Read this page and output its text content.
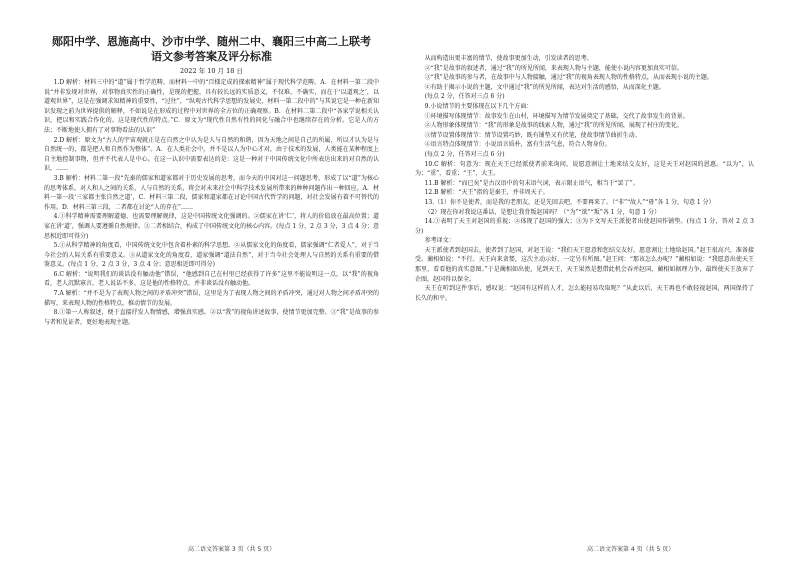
郧阳中学、恩施高中、沙市中学、随州二中、襄阳三中高二上联考

语文参考答案及评分标准

2022 年 10 月 18 日

1.D 解析：材料三中的“道”属于哲学范畴，而材料一中的“百様定成的探索精神”属于现代科学范畴。A．在材料一第二段中说“并非发现对世界，对事物真实性的正确性，是现的把握，具有较长远的实质意义，不仅难，不确实，而在于‘以道观之’，以道观世界”，这是在强调求知精神的重要性，“过往”，“纵观古代科学思想的发展史，材料一第二段中的”与其说它是一种在新知识发现之前为世界提供的解释，不如说是在形成的过程中对世界的全方位的正确观察。B．在材料二第二段中“各家学说相关认识，把以和实践合作化的。这是现代性的特点。”C．原文为“现代性自然有性的同化与融合中也继续存在的分析。它是人的方法；不断地使人拥有了对事物看法的认识”

2.D 解析：原文为“古人的宇宙观就正是在自然之中认为是人与自然的和谐，因为天地之间是自己的所属，所以才认为是与自然统一的，都是把人和自然作为整体”。A．在人类社会中，并不是以人为中心才对，由于技术的发展，人类能在某种程度上自主地控制事物，但并不代表人是中心。在这一认识中需要表达的是：这是一种对于中国传统文化中所表达出来的对自然的认识，……

3.B 解析：材料二第一段“先秦的儒家和道家都对于历史发展的思考，而今天的中国对这一问题思考，形成了以“道”为核心的思考体系，对人和人之间的关系，人与自然的关系，将会对未来社会中科学技术发展所带来的种种问题作出一种回应。A．材料一第一段‘三家都主张自然之道’，C．材料三第二段，儒家和道家都在讨论中国古代哲学的问题，对社会发展有着不可替代的作用。D．材料三第三段，二者都在讨论“人的存在”……

4.①科学精神需要理解道德，也需要理解规律，这是中国传统文化强调的。②儒家在讲‘仁’，将人的价值放在最高位置；道家在讲‘道’，强调人要遵循自然规律。③二者相结合，构成了中国传统文化的核心内容。(每点 1 分，2 点 3 分，3 点 4 分；意思相近即可得分)

5.①从科学精神的角度看，中国传统文化中包含着朴素的科学思想。②从儒家文化的角度看，儒家强调“仁者爱人”，对于当今社会的人际关系有重要意义。③从道家文化的角度看，道家强调“道法自然”，对于当今社会处理人与自然的关系有重要的借鉴意义。(每点 1 分，2 点 3 分，3 点 4 分；意思相近即可得分)

6.C 解析：“说明我们的谈话没有触动他”错误，“他感到自己在村里已经获得了许多”这里不能说明这一点，以“我”的视角看，老人沉默寡言，老人说话不多，这是他的性格特点，并非谈话没有触动他。

7.A 解析：“并不是为了表现人物之间的矛盾冲突”错误，这里是为了表现人物之间的矛盾冲突，通过对人物之间矛盾冲突的描写，来表现人物的性格特点，推动情节的发展。

8.①第一人称叙述，便于直接抒发人物情感，增强真实感。②以“我”的视角讲述故事，使情节更加完整。③“我”是故事的参与者和见证者，更好地表现主题。

高二语文答案第 3 页（共 5 页）

从而构造出更丰富的情节，使故事更加生动，引发读者的思考。

②“我”是故事的叙述者，通过“我”的所见所闻，来表现人物与主题，能使小说内容更加真实可信。

③“我”是故事的参与者，在故事中与人物接触，通过“我”的视角表现人物的性格特点，从而表现小说的主题。

④有助于揭示小说的主题，文中通过“我”的所见所闻，表达对生活的感悟，从而深化主题。

(每点 2 分，任答对三点 6 分)

9.小说情节的主要体现在以下几个方面：

①环境描写体现情节：故事发生在山村，环境描写为情节发展奠定了基础，交代了故事发生的背景。

②人物形象体现情节：“我”的形象是故事的线索人物，通过“我”的所见所闻，展现了村庄的变化。

③情节设置体现情节：情节设置巧妙，既有铺垫又有伏笔，使故事情节曲折生动。

④语言特点体现情节：小说语言质朴，富有生活气息，符合人物身份。

(每点 2 分，任答对三点 6 分)

10.C 解析：句意为：现在天王已经派使者前来询问，说愿意割让土地来结交友好，这是天王对赵国的恩惠。“以为”，认为；“重”，看重；“王”，大王。

11.B 解析：“而已矣”是古汉语中的句末语气词，表示限止语气，相当于“罢了”。

12.B 解析：“天王”指的是秦王，并非周天子。

13.（1）你不是使者，而是我的老朋友，还是先回去吧，不要再来了。（“非”“故人”“毋”各 1 分，句意 1 分）

（2）现在你对我说这番话，是想让我背叛赵国吗？（“为”“欲”“叛”各 1 分，句意 1 分）

14.①表明了天王对赵国的重视；②体现了赵国的强大；③为下文写天王派使者出使赵国作铺垫。(每点 1 分，答对 2 点 3 分)

参考译文：

天王派使者到赵国去，使者到了赵国，对赵王说：“我们天王愿意和您结交友好，愿意割让土地给赵国。”赵王很高兴，准备接受。蔺相如说：“不行。天王向来贪婪，这次主动示好，一定另有所图。”赵王问：“那该怎么办呢？”蔺相如说：“我愿意出使天王那里，看看他的真实意图。”于是蔺相如出使，见到天王，天王果然是想借此机会吞并赵国，蔺相如据理力争，最终使天王放弃了企图，赵国得以保全。

天王在听到这件事后，感叹说：“赵国有这样的人才，怎么能轻易攻取呢？”从此以后，天王再也不敢轻视赵国，两国保持了长久的和平。

高二语文答案第 4 页（共 5 页）
